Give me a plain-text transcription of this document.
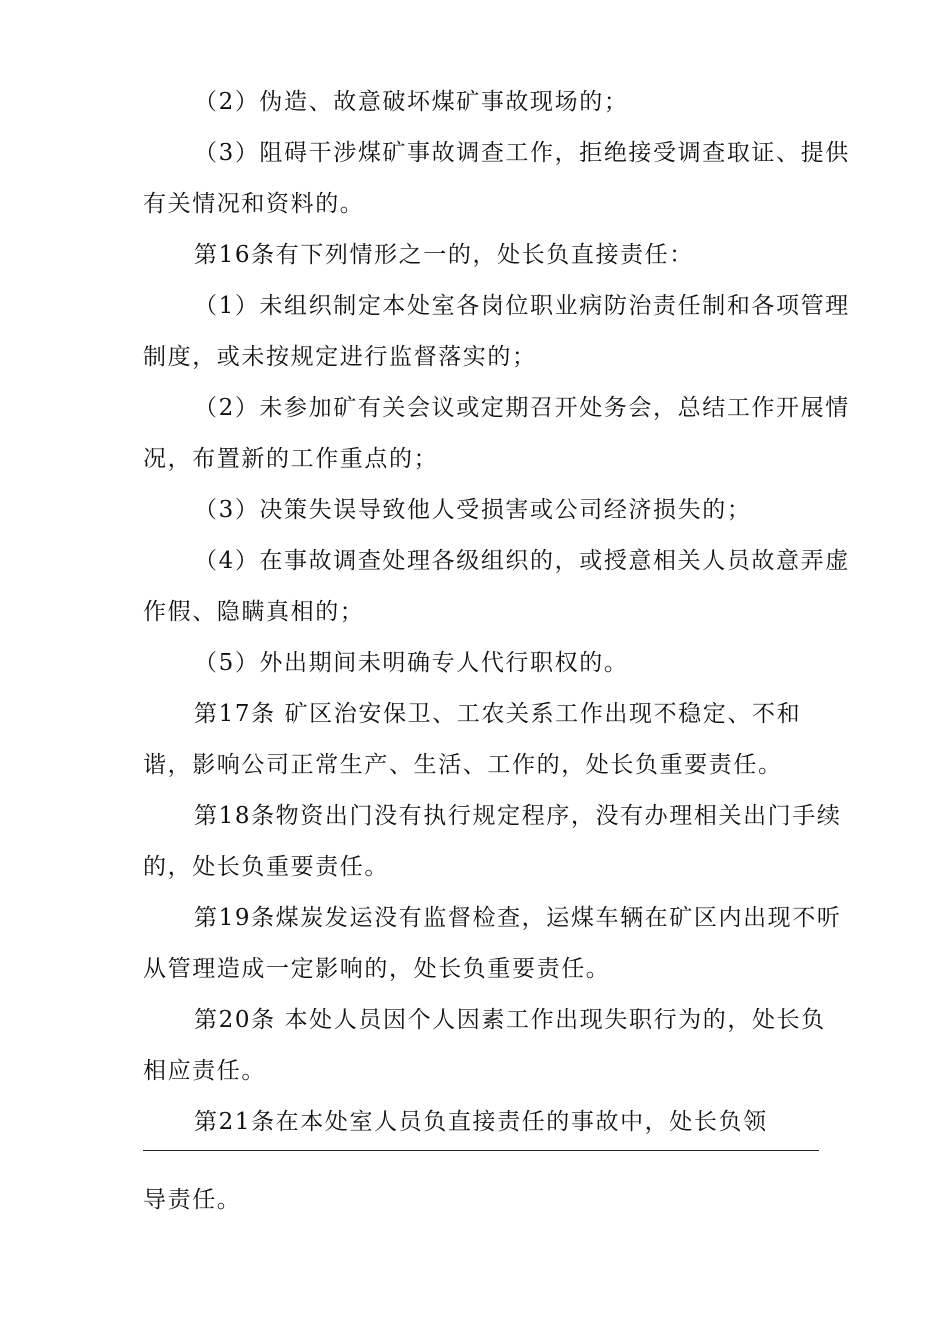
（2）伪造、故意破坏煤矿事故现场的；
（3）阻碍干涉煤矿事故调查工作，拒绝接受调查取证、提供
有关情况和资料的。
第16条有下列情形之一的，处长负直接责任：
（1）未组织制定本处室各岗位职业病防治责任制和各项管理
制度，或未按规定进行监督落实的；
（2）未参加矿有关会议或定期召开处务会，总结工作开展情
况，布置新的工作重点的；
（3）决策失误导致他人受损害或公司经济损失的；
（4）在事故调查处理各级组织的，或授意相关人员故意弄虚
作假、隐瞒真相的；
（5）外出期间未明确专人代行职权的。
第17条 矿区治安保卫、工农关系工作出现不稳定、不和
谐，影响公司正常生产、生活、工作的，处长负重要责任。
第18条物资出门没有执行规定程序，没有办理相关出门手续
的，处长负重要责任。
第19条煤炭发运没有监督检查，运煤车辆在矿区内出现不听
从管理造成一定影响的，处长负重要责任。
第20条 本处人员因个人因素工作出现失职行为的，处长负
相应责任。
第21条在本处室人员负直接责任的事故中，处长负领
导责任。
